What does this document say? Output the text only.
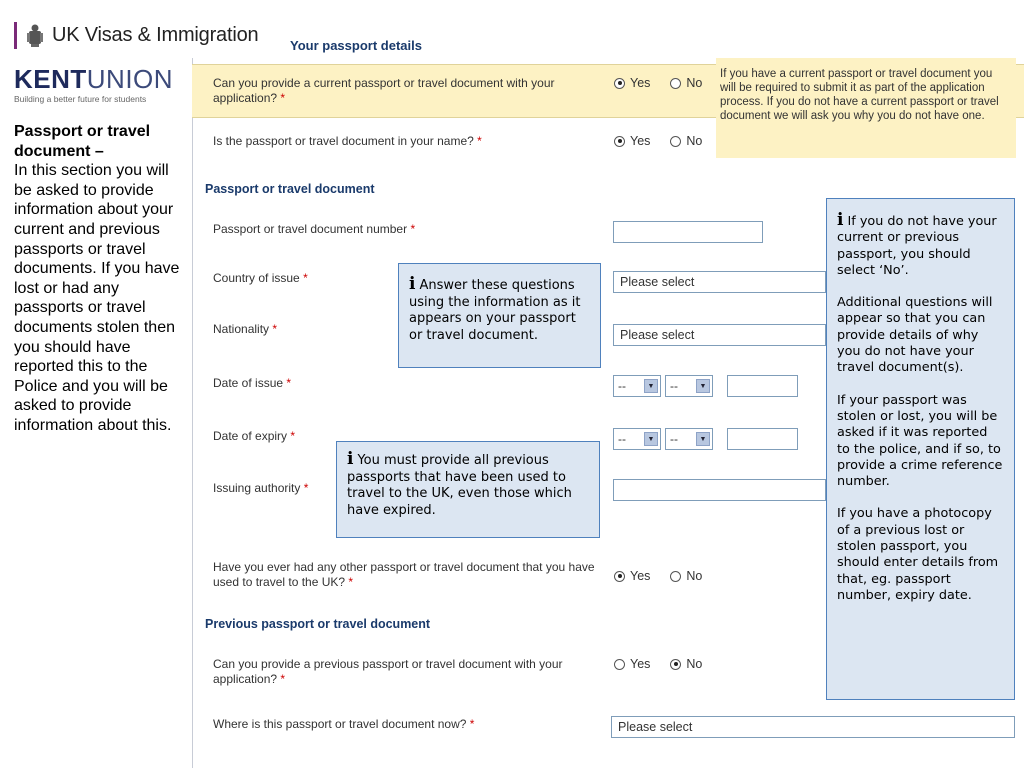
UK Visas & Immigration
KENTUNION
Building a better future for students
Passport or travel document –
In this section you will be asked to provide information about your current and previous passports or travel documents. If you have lost or had any passports or travel documents stolen then you should have reported this to the Police and you will be asked to provide information about this.
Your passport details
Can you provide a current passport or travel document with your application? *
Yes	No
Is the passport or travel document in your name? *	Yes	No
If you have a current passport or travel document you will be required to submit it as part of the application process. If you do not have a current passport or travel document we will ask you why you do not have one.
Passport or travel document
Passport or travel document number *
Country of issue *	Please select
Nationality *	Please select
Date of issue *	--	▼ --	▼
Date of expiry *	--	▼ --	▼
Issuing authority *
Have you ever had any other passport or travel document that you have used to travel to the UK? *	Yes	No
Previous passport or travel document
Can you provide a previous passport or travel document with your application? *
Yes	No
Where is this passport or travel document now? *	Please select
i Answer these questions using the information as it appears on your passport or travel document.
i You must provide all previous passports that have been used to travel to the UK, even those which have expired.

i If you do not have your current or previous passport, you should select ‘No’.

Additional questions will appear so that you can provide details of why you do not have your travel document(s).

If your passport was stolen or lost, you will be asked if it was reported to the police, and if so, to provide a crime reference number.

If you have a photocopy of a previous lost or stolen passport, you should enter details from that, eg. passport number, expiry date.
